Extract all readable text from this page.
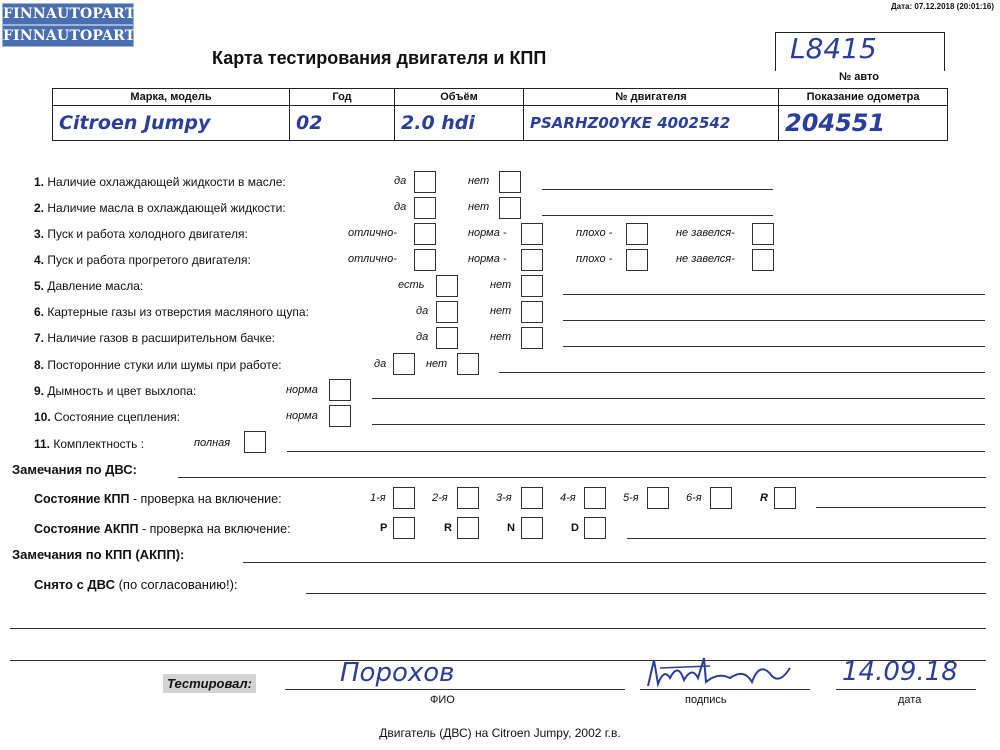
FINNAUTOPARTS
FINNAUTOPARTS
Дата: 07.12.2018 (20:01:16)
Карта тестирования двигателя и КПП	L8415
№ авто
Марка, модель	Год	Объём	№ двигателя	Показание одометра
Citroen Jumpy	02	2.0 hdi	PSARHZ00YKE 4002542	204551
1. Наличие охлаждающей жидкости в масле:	да	нет
2. Наличие масла в охлаждающей жидкости:	да	нет
3. Пуск и работа холодного двигателя:	отлично-	норма -	плохо -	не завелся-
4. Пуск и работа прогретого двигателя:	отлично-	норма -	плохо -	не завелся-
5. Давление масла:	есть	нет
6. Картерные газы из отверстия масляного щупа:	да	нет
7. Наличие газов в расширительном бачке:	да	нет
8. Посторонние стуки или шумы при работе:	да	нет
9. Дымность и цвет выхлопа:	норма
10. Состояние сцепления:	норма
11. Комплектность :	полная
Замечания по ДВС:
Состояние КПП - проверка на включение:	1-я	2-я	3-я	4-я	5-я	6-я	R
Состояние АКПП - проверка на включение:	P	R	N	D
Замечания по КПП (АКПП):
Снято с ДВС (по согласованию!):
Тестировал:	Порохов
ФИО	подпись
14.09.18
дата
Двигатель (ДВС) на Citroen Jumpy, 2002 г.в.
